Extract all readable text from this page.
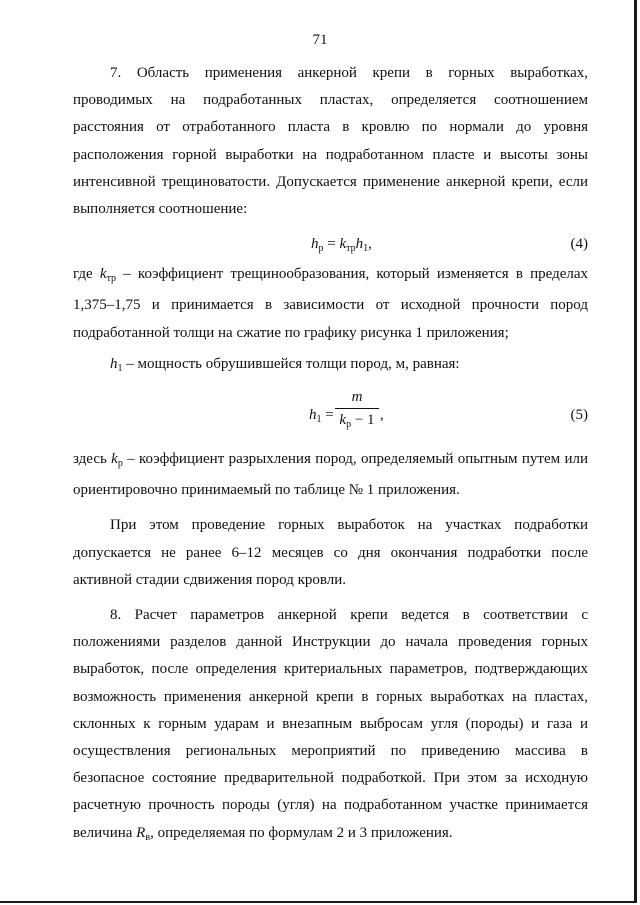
71

7. Область применения анкерной крепи в горных выработках, проводимых на подработанных пластах, определяется соотношением расстояния от отработанного пласта в кровлю по нормали до уровня расположения горной выработки на подработанном пласте и высоты зоны интенсивной трещиноватости. Допускается применение анкерной крепи, если выполняется соотношение:

$h_р = k_{тр}h_1$,	(4)

где $k_{тр}$ – коэффициент трещинообразования, который изменяется в пределах 1,375–1,75 и принимается в зависимости от исходной прочности пород подработанной толщи на сжатие по графику рисунка 1 приложения;

$h_1$ – мощность обрушившейся толщи пород, м, равная:

$h_1$ =
m
$k_р - 1$ ,	(5)

здесь $k_р$ – коэффициент разрыхления пород, определяемый опытным путем или ориентировочно принимаемый по таблице № 1 приложения.

При этом проведение горных выработок на участках подработки допускается не ранее 6–12 месяцев со дня окончания подработки после активной стадии сдвижения пород кровли.

8. Расчет параметров анкерной крепи ведется в соответствии с положениями разделов данной Инструкции до начала проведения горных выработок, после определения критериальных параметров, подтверждающих возможность применения анкерной крепи в горных выработках на пластах, склонных к горным ударам и внезапным выбросам угля (породы) и газа и осуществления региональных мероприятий по приведению массива в безопасное состояние предварительной подработкой. При этом за исходную расчетную прочность породы (угля) на подработанном участке принимается величина $R_в$, определяемая по формулам 2 и 3 приложения.
